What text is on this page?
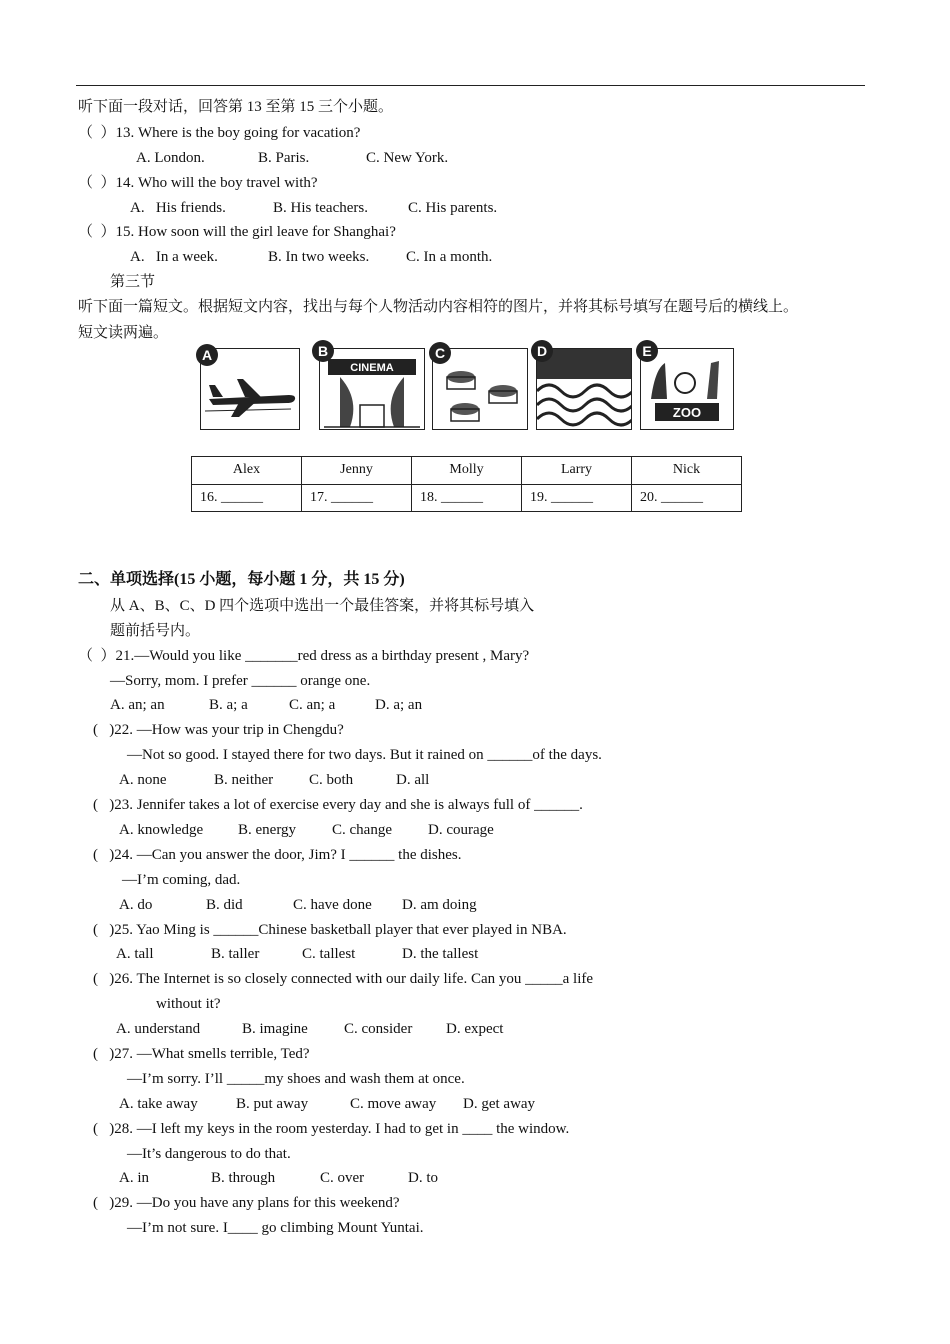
听下面一段对话，回答第 13 至第 15 三个小题。
（  ）13. Where is the boy going for vacation?
A. London.	B. Paris.	C. New York.
（  ）14. Who will the boy travel with?
A.   His friends.	B. His teachers.	C. His parents.
（  ）15. How soon will the girl leave for Shanghai?
A.   In a week.	B. In two weeks. C. In a month.
第三节
听下面一篇短文。根据短文内容，找出与每个人物活动内容相符的图片，并将其标号填写在题号后的横线上。
短文读两遍。
CINEMA
ZOO
A	B	C	D	E
Alex	Jenny	Molly	Larry	Nick
16. ______	17. ______	18. ______	19. ______	20. ______
二、单项选择(15 小题，每小题 1 分，共 15 分)
从 A、B、C、D 四个选项中选出一个最佳答案，并将其标号填入
题前括号内。
（  ）21.—Would you like _______red dress as a birthday present , Mary?
—Sorry, mom. I prefer ______ orange one.
A. an; an	B. a; a	C. an; a	D. a; an
(   )22. —How was your trip in Chengdu?
—Not so good. I stayed there for two days. But it rained on ______of the days.
A. none	B. neither C. both	D. all
(   )23. Jennifer takes a lot of exercise every day and she is always full of ______.
A. knowledge B. energy C. change D. courage
(   )24. —Can you answer the door, Jim? I ______ the dishes.
—I’m coming, dad.
A. do	B. did	C. have done D. am doing
(   )25. Yao Ming is ______Chinese basketball player that ever played in NBA.
A. tall	B. taller	C. tallest	D. the tallest
(   )26. The Internet is so closely connected with our daily life. Can you _____a life
without it?
A. understand	B. imagine C. consider D. expect
(   )27. —What smells terrible, Ted?
—I’m sorry. I’ll _____my shoes and wash them at once.
A. take away	B. put away	C. move away D. get away
(   )28. —I left my keys in the room yesterday. I had to get in ____ the window.
—It’s dangerous to do that.
A. in	B. through	C. over	D. to
(   )29. —Do you have any plans for this weekend?
—I’m not sure. I____ go climbing Mount Yuntai.
